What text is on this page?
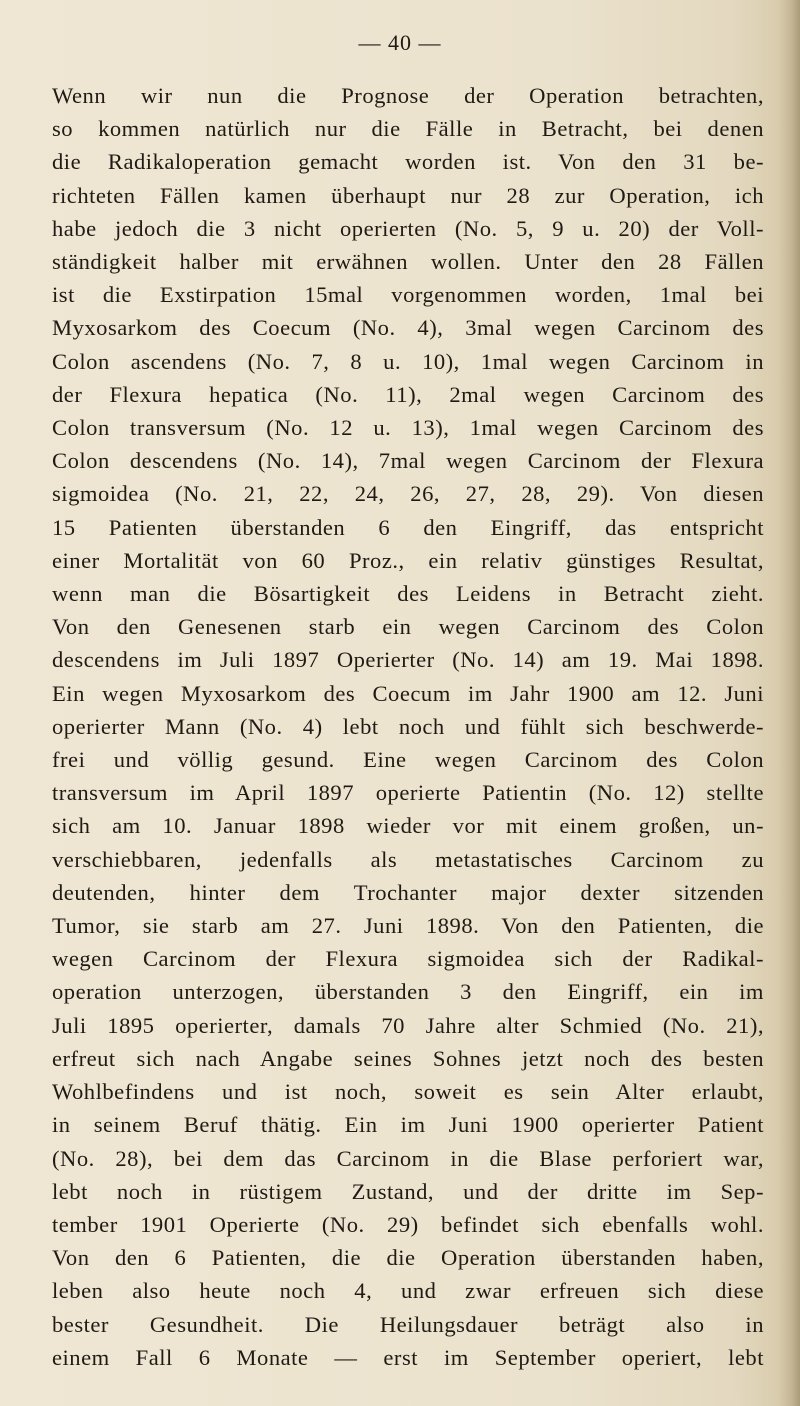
— 40 —
Wenn wir nun die Prognose der Operation betrachten,
so kommen natürlich nur die Fälle in Betracht, bei denen
die Radikaloperation gemacht worden ist. Von den 31 be-
richteten Fällen kamen überhaupt nur 28 zur Operation, ich
habe jedoch die 3 nicht operierten (No. 5, 9 u. 20) der Voll-
ständigkeit halber mit erwähnen wollen. Unter den 28 Fällen
ist die Exstirpation 15mal vorgenommen worden, 1mal bei
Myxosarkom des Coecum (No. 4), 3mal wegen Carcinom des
Colon ascendens (No. 7, 8 u. 10), 1mal wegen Carcinom in
der Flexura hepatica (No. 11), 2mal wegen Carcinom des
Colon transversum (No. 12 u. 13), 1mal wegen Carcinom des
Colon descendens (No. 14), 7mal wegen Carcinom der Flexura
sigmoidea (No. 21, 22, 24, 26, 27, 28, 29). Von diesen
15 Patienten überstanden 6 den Eingriff, das entspricht
einer Mortalität von 60 Proz., ein relativ günstiges Resultat,
wenn man die Bösartigkeit des Leidens in Betracht zieht.
Von den Genesenen starb ein wegen Carcinom des Colon
descendens im Juli 1897 Operierter (No. 14) am 19. Mai 1898.
Ein wegen Myxosarkom des Coecum im Jahr 1900 am 12. Juni
operierter Mann (No. 4) lebt noch und fühlt sich beschwerde-
frei und völlig gesund. Eine wegen Carcinom des Colon
transversum im April 1897 operierte Patientin (No. 12) stellte
sich am 10. Januar 1898 wieder vor mit einem großen, un-
verschiebbaren, jedenfalls als metastatisches Carcinom zu
deutenden, hinter dem Trochanter major dexter sitzenden
Tumor, sie starb am 27. Juni 1898. Von den Patienten, die
wegen Carcinom der Flexura sigmoidea sich der Radikal-
operation unterzogen, überstanden 3 den Eingriff, ein im
Juli 1895 operierter, damals 70 Jahre alter Schmied (No. 21),
erfreut sich nach Angabe seines Sohnes jetzt noch des besten
Wohlbefindens und ist noch, soweit es sein Alter erlaubt,
in seinem Beruf thätig. Ein im Juni 1900 operierter Patient
(No. 28), bei dem das Carcinom in die Blase perforiert war,
lebt noch in rüstigem Zustand, und der dritte im Sep-
tember 1901 Operierte (No. 29) befindet sich ebenfalls wohl.
Von den 6 Patienten, die die Operation überstanden haben,
leben also heute noch 4, und zwar erfreuen sich diese
bester Gesundheit. Die Heilungsdauer beträgt also in
einem Fall 6 Monate — erst im September operiert, lebt
